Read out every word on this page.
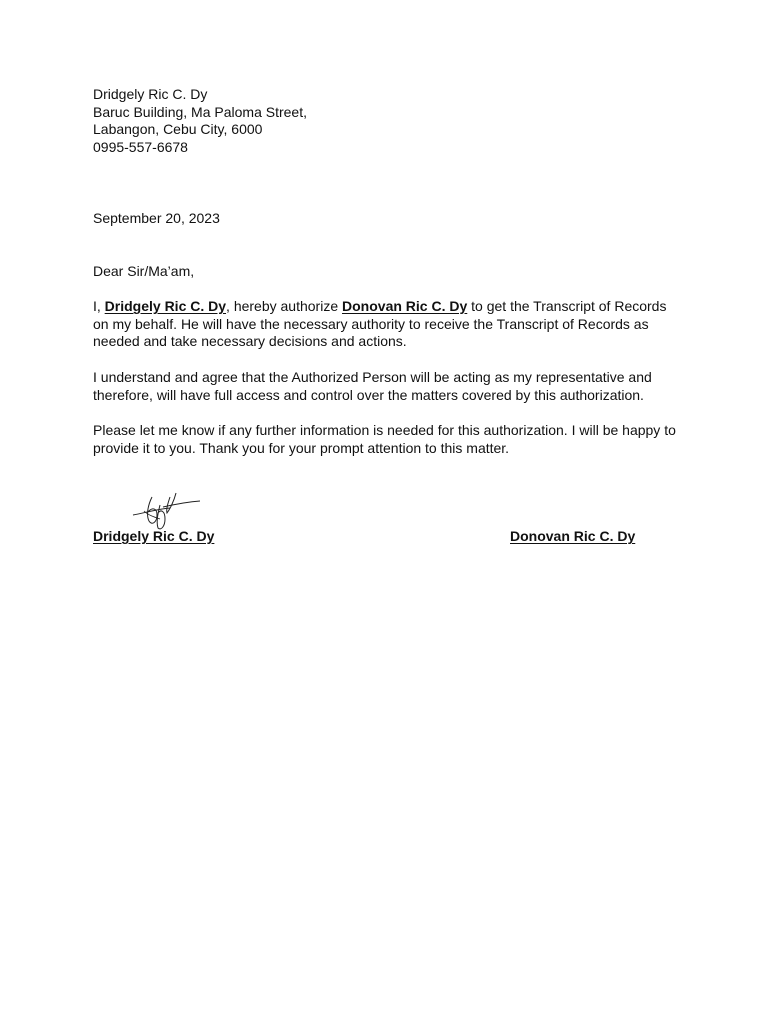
Dridgely Ric C. Dy
Baruc Building, Ma Paloma Street,
Labangon, Cebu City, 6000
0995-557-6678
September 20, 2023
Dear Sir/Ma’am,

I, Dridgely Ric C. Dy, hereby authorize Donovan Ric C. Dy to get the Transcript of Records on my behalf. He will have the necessary authority to receive the Transcript of Records as needed and take necessary decisions and actions.

I understand and agree that the Authorized Person will be acting as my representative and therefore, will have full access and control over the matters covered by this authorization.

Please let me know if any further information is needed for this authorization. I will be happy to provide it to you. Thank you for your prompt attention to this matter.

Dridgely Ric C. Dy	Donovan Ric C. Dy
